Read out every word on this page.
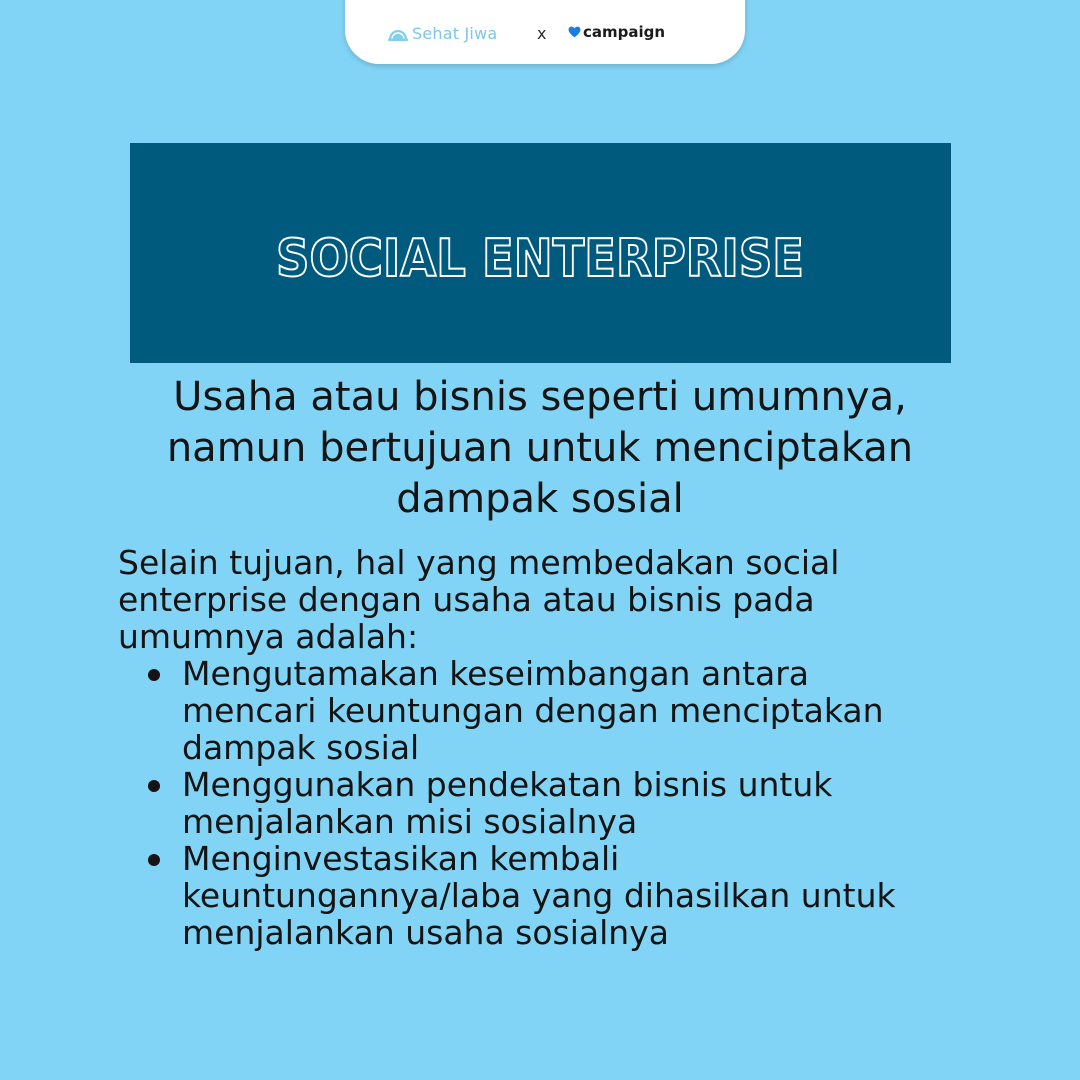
Sehat Jiwa x campaign
SOCIAL ENTERPRISE
Usaha atau bisnis seperti umumnya,
namun bertujuan untuk menciptakan
dampak sosial

Selain tujuan, hal yang membedakan social enterprise dengan usaha atau bisnis pada umumnya adalah:

Mengutamakan keseimbangan antara mencari keuntungan dengan menciptakan dampak sosial
Menggunakan pendekatan bisnis untuk menjalankan misi sosialnya
Menginvestasikan kembali keuntungannya/laba yang dihasilkan untuk menjalankan usaha sosialnya
